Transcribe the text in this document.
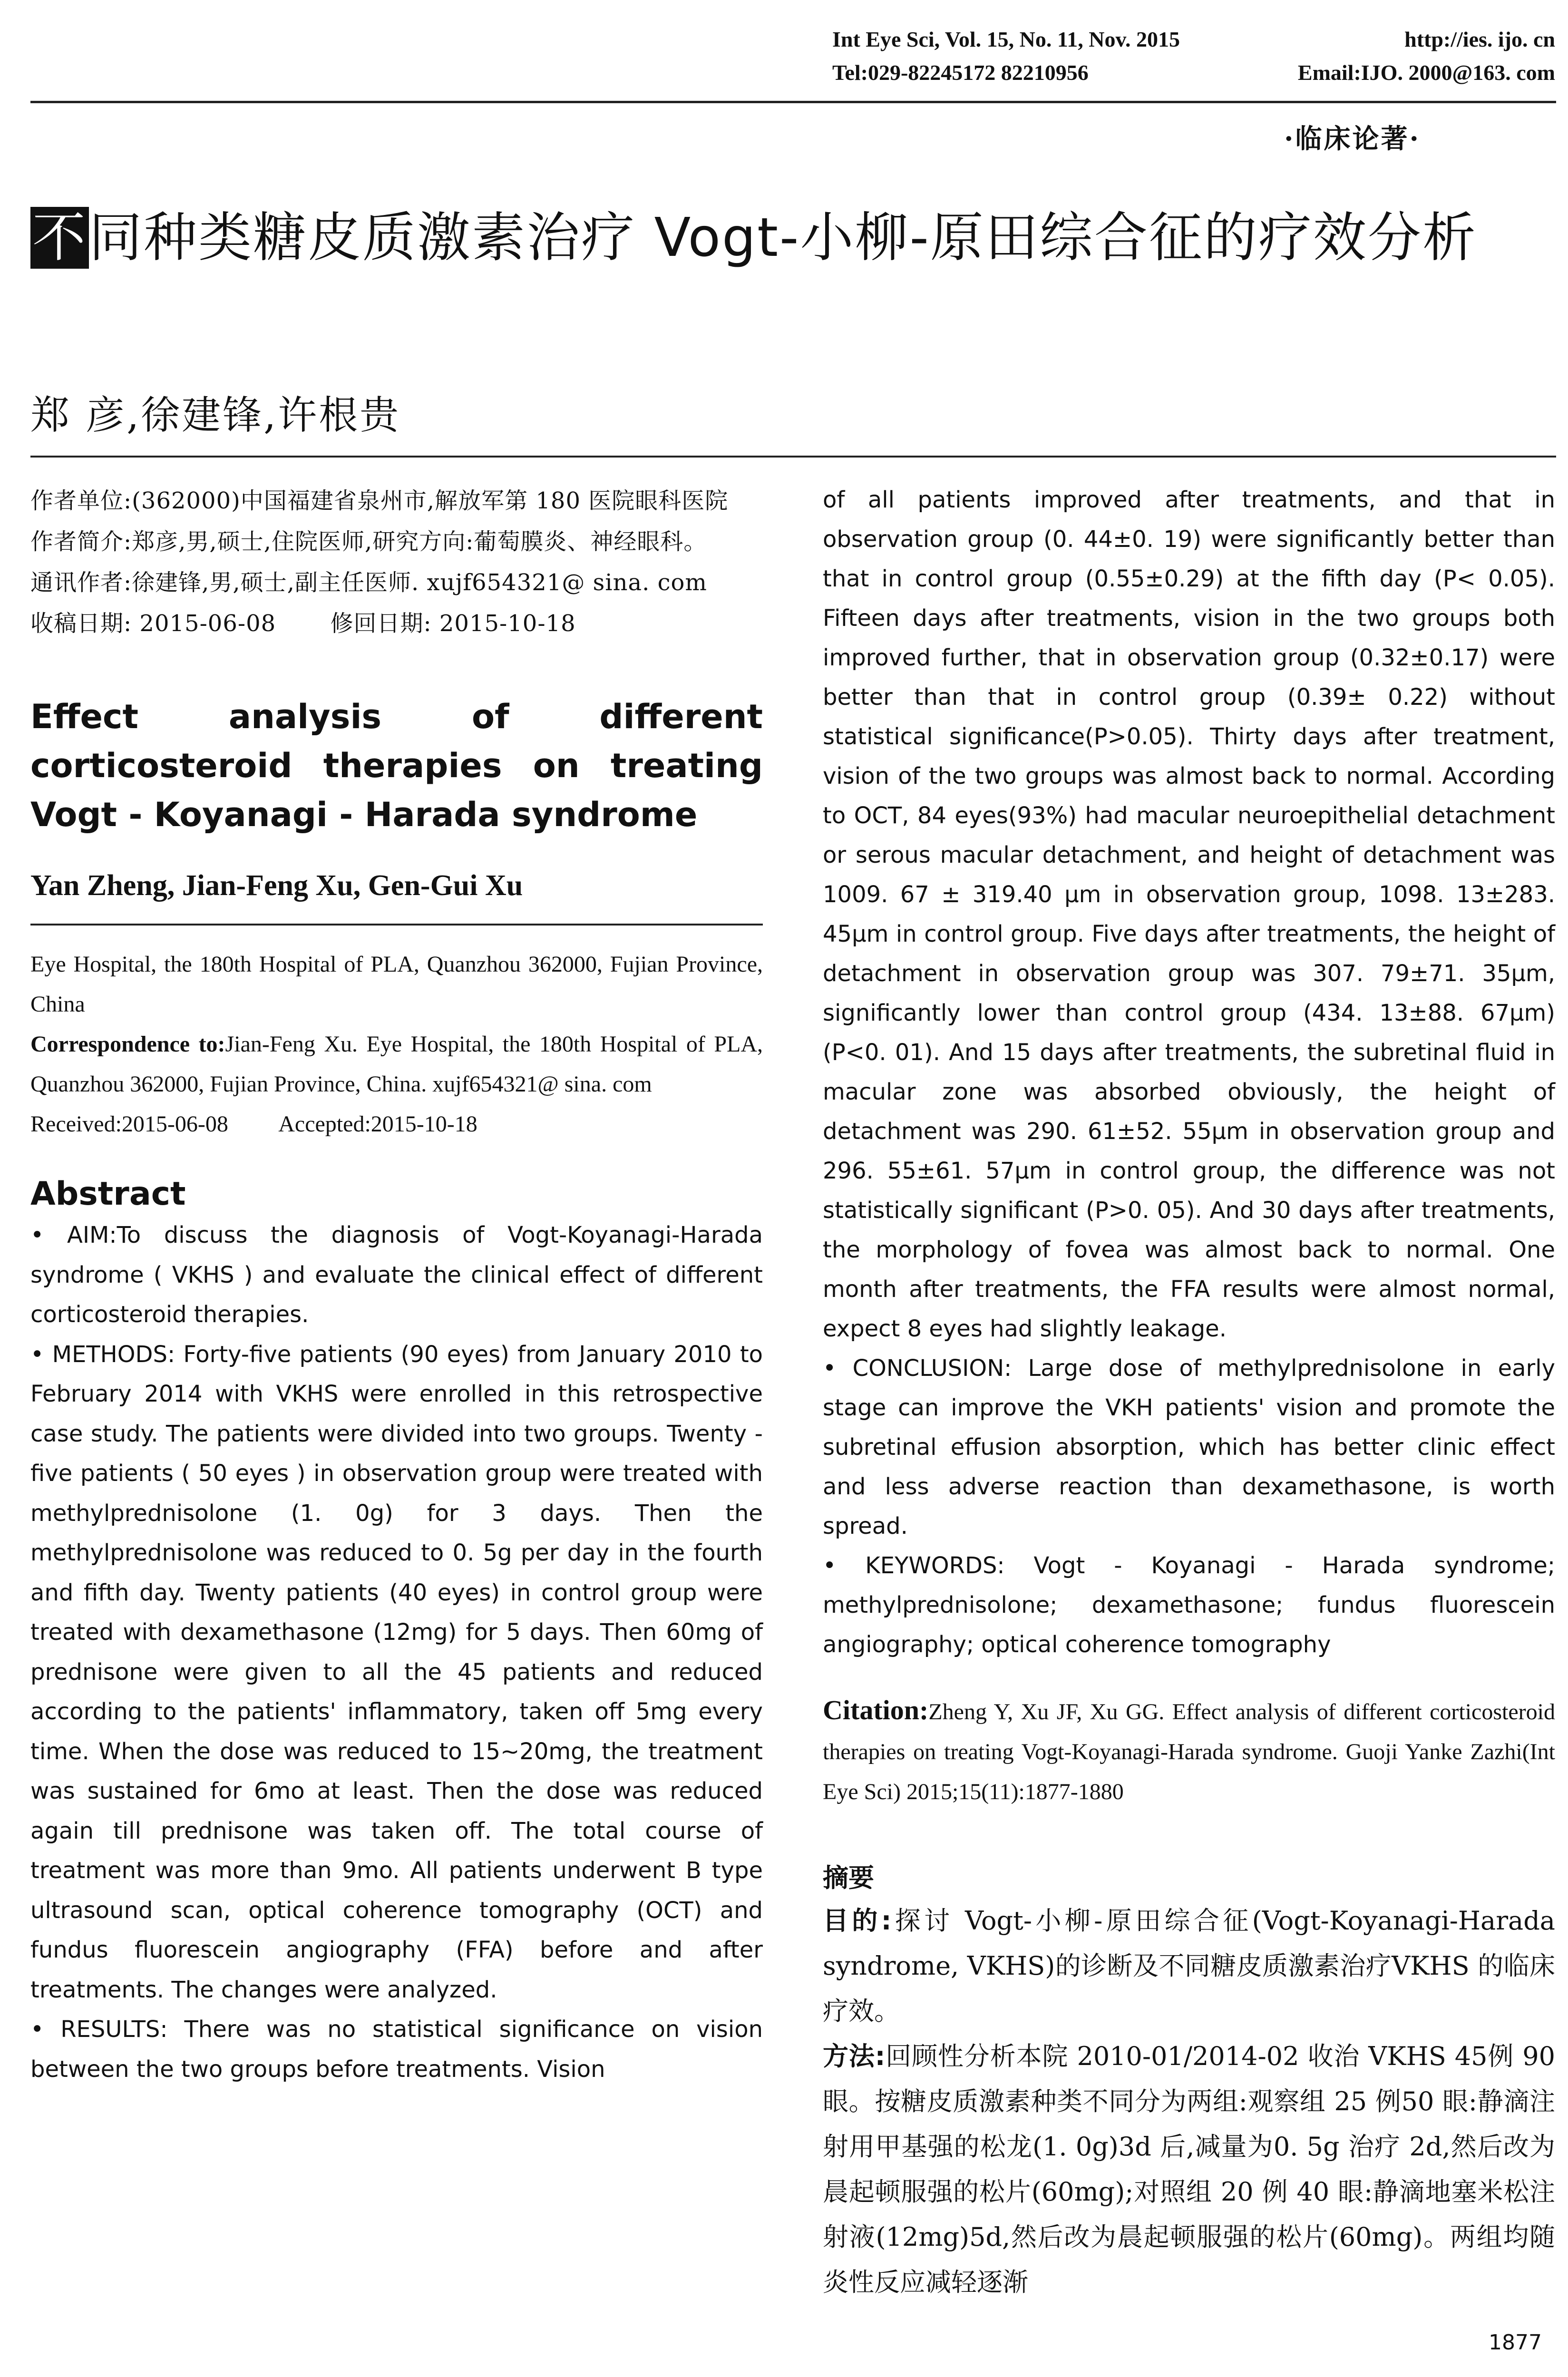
Int Eye Sci, Vol. 15, No. 11, Nov. 2015	http://ies. ijo. cn
Tel:029-82245172 82210956	Email:IJO. 2000@163. com
·临床论著·
不同种类糖皮质激素治疗 Vogt-小柳-原田综合征的疗效分析
郑 彦,徐建锋,许根贵

作者单位:(362000)中国福建省泉州市,解放军第 180 医院眼科医院

作者简介:郑彦,男,硕士,住院医师,研究方向:葡萄膜炎、神经眼科。

通讯作者:徐建锋,男,硕士,副主任医师. xujf654321@ sina. com

收稿日期: 2015-06-08　　 修回日期: 2015-10-18

Effect analysis of different corticosteroid therapies on treating Vogt - Koyanagi - Harada syndrome
Yan Zheng, Jian-Feng Xu, Gen-Gui Xu

Eye Hospital, the 180th Hospital of PLA, Quanzhou 362000, Fujian Province, China

Correspondence to:Jian-Feng Xu. Eye Hospital, the 180th Hospital of PLA, Quanzhou 362000, Fujian Province, China. xujf654321@ sina. com

Received:2015-06-08　　 Accepted:2015-10-18

Abstract

• AIM:To discuss the diagnosis of Vogt-Koyanagi-Harada syndrome ( VKHS ) and evaluate the clinical effect of different corticosteroid therapies.

• METHODS: Forty-five patients (90 eyes) from January 2010 to February 2014 with VKHS were enrolled in this retrospective case study. The patients were divided into two groups. Twenty - five patients ( 50 eyes ) in observation group were treated with methylprednisolone (1. 0g) for 3 days. Then the methylprednisolone was reduced to 0. 5g per day in the fourth and fifth day. Twenty patients (40 eyes) in control group were treated with dexamethasone (12mg) for 5 days. Then 60mg of prednisone were given to all the 45 patients and reduced according to the patients' inflammatory, taken off 5mg every time. When the dose was reduced to 15~20mg, the treatment was sustained for 6mo at least. Then the dose was reduced again till prednisone was taken off. The total course of treatment was more than 9mo. All patients underwent B type ultrasound scan, optical coherence tomography (OCT) and fundus fluorescein angiography (FFA) before and after treatments. The changes were analyzed.

• RESULTS: There was no statistical significance on vision between the two groups before treatments. Vision

of all patients improved after treatments, and that in observation group (0. 44±0. 19) were significantly better than that in control group (0.55±0.29) at the fifth day (P< 0.05). Fifteen days after treatments, vision in the two groups both improved further, that in observation group (0.32±0.17) were better than that in control group (0.39± 0.22) without statistical significance(P>0.05). Thirty days after treatment, vision of the two groups was almost back to normal. According to OCT, 84 eyes(93%) had macular neuroepithelial detachment or serous macular detachment, and height of detachment was 1009. 67 ± 319.40 μm in observation group, 1098. 13±283. 45μm in control group. Five days after treatments, the height of detachment in observation group was 307. 79±71. 35μm, significantly lower than control group (434. 13±88. 67μm) (P<0. 01). And 15 days after treatments, the subretinal fluid in macular zone was absorbed obviously, the height of detachment was 290. 61±52. 55μm in observation group and 296. 55±61. 57μm in control group, the difference was not statistically significant (P>0. 05). And 30 days after treatments, the morphology of fovea was almost back to normal. One month after treatments, the FFA results were almost normal, expect 8 eyes had slightly leakage.

• CONCLUSION: Large dose of methylprednisolone in early stage can improve the VKH patients' vision and promote the subretinal effusion absorption, which has better clinic effect and less adverse reaction than dexamethasone, is worth spread.

• KEYWORDS: Vogt - Koyanagi - Harada syndrome; methylprednisolone; dexamethasone; fundus fluorescein angiography; optical coherence tomography

Citation:Zheng Y, Xu JF, Xu GG. Effect analysis of different corticosteroid therapies on treating Vogt-Koyanagi-Harada syndrome. Guoji Yanke Zazhi(Int Eye Sci) 2015;15(11):1877-1880
摘要

目的:探讨 Vogt-小柳-原田综合征(Vogt-Koyanagi-Harada syndrome, VKHS)的诊断及不同糖皮质激素治疗VKHS 的临床疗效。

方法:回顾性分析本院 2010-01/2014-02 收治 VKHS 45例 90 眼。按糖皮质激素种类不同分为两组:观察组 25 例50 眼:静滴注射用甲基强的松龙(1. 0g)3d 后,减量为0. 5g 治疗 2d,然后改为晨起顿服强的松片(60mg);对照组 20 例 40 眼:静滴地塞米松注射液(12mg)5d,然后改为晨起顿服强的松片(60mg)。两组均随炎性反应减轻逐渐

1877
